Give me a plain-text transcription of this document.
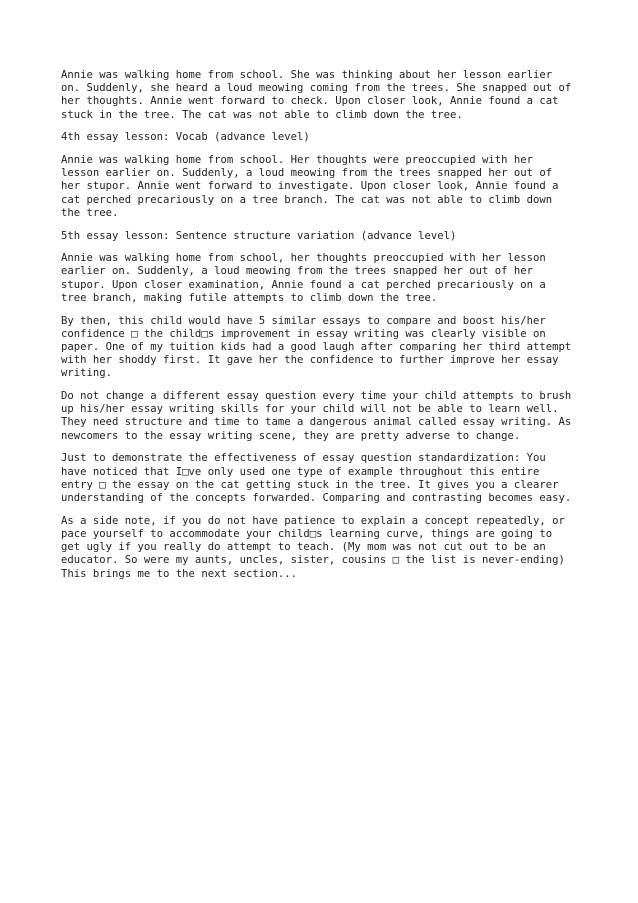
Annie was walking home from school. She was thinking about her lesson earlier
on. Suddenly, she heard a loud meowing coming from the trees. She snapped out of
her thoughts. Annie went forward to check. Upon closer look, Annie found a cat
stuck in the tree. The cat was not able to climb down the tree.

4th essay lesson: Vocab (advance level)

Annie was walking home from school. Her thoughts were preoccupied with her
lesson earlier on. Suddenly, a loud meowing from the trees snapped her out of
her stupor. Annie went forward to investigate. Upon closer look, Annie found a
cat perched precariously on a tree branch. The cat was not able to climb down
the tree.

5th essay lesson: Sentence structure variation (advance level)

Annie was walking home from school, her thoughts preoccupied with her lesson
earlier on. Suddenly, a loud meowing from the trees snapped her out of her
stupor. Upon closer examination, Annie found a cat perched precariously on a
tree branch, making futile attempts to climb down the tree.

By then, this child would have 5 similar essays to compare and boost his/her
confidence □ the child□s improvement in essay writing was clearly visible on
paper. One of my tuition kids had a good laugh after comparing her third attempt
with her shoddy first. It gave her the confidence to further improve her essay
writing.

Do not change a different essay question every time your child attempts to brush
up his/her essay writing skills for your child will not be able to learn well.
They need structure and time to tame a dangerous animal called essay writing. As
newcomers to the essay writing scene, they are pretty adverse to change.

Just to demonstrate the effectiveness of essay question standardization: You
have noticed that I□ve only used one type of example throughout this entire
entry □ the essay on the cat getting stuck in the tree. It gives you a clearer
understanding of the concepts forwarded. Comparing and contrasting becomes easy.

As a side note, if you do not have patience to explain a concept repeatedly, or
pace yourself to accommodate your child□s learning curve, things are going to
get ugly if you really do attempt to teach. (My mom was not cut out to be an
educator. So were my aunts, uncles, sister, cousins □ the list is never-ending)
This brings me to the next section...
